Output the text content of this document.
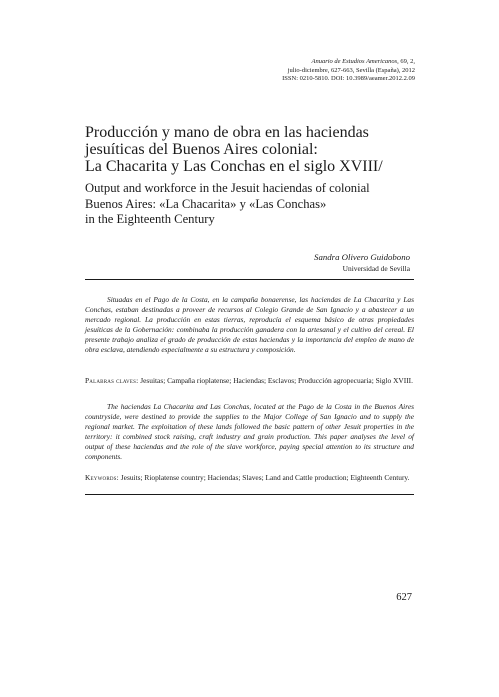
Anuario de Estudios Americanos, 69, 2,
julio-diciembre, 627-663, Sevilla (España), 2012
ISSN: 0210-5810. DOI: 10.3989/aeamer.2012.2.09
Producción y mano de obra en las haciendas
jesuíticas del Buenos Aires colonial:
La Chacarita y Las Conchas en el siglo XVIII/
Output and workforce in the Jesuit haciendas of colonial
Buenos Aires: «La Chacarita» y «Las Conchas»
in the Eighteenth Century
Sandra Olivero Guidobono
Universidad de Sevilla

Situadas en el Pago de la Costa, en la campaña bonaerense, las haciendas de La Chacarita y Las Conchas, estaban destinadas a proveer de recursos al Colegio Grande de San Ignacio y a abastecer a un mercado regional. La producción en estas tierras, reproducía el esquema básico de otras propiedades jesuíticas de la Gobernación: combinaba la producción ganadera con la artesanal y el cultivo del cereal. El presente trabajo analiza el grado de producción de estas haciendas y la importancia del empleo de mano de obra esclava, atendiendo especialmente a su estructura y composición.

Palabras claves: Jesuitas; Campaña rioplatense; Haciendas; Esclavos; Producción agropecuaria; Siglo XVIII.

The haciendas La Chacarita and Las Conchas, located at the Pago de la Costa in the Buenos Aires countryside, were destined to provide the supplies to the Major College of San Ignacio and to supply the regional market. The exploitation of these lands followed the basic pattern of other Jesuit properties in the territory: it combined stock raising, craft industry and grain production. This paper analyses the level of output of these haciendas and the role of the slave workforce, paying special attention to its structure and components.

Keywords: Jesuits; Rioplatense country; Haciendas; Slaves; Land and Cattle production; Eighteenth Century.

627
